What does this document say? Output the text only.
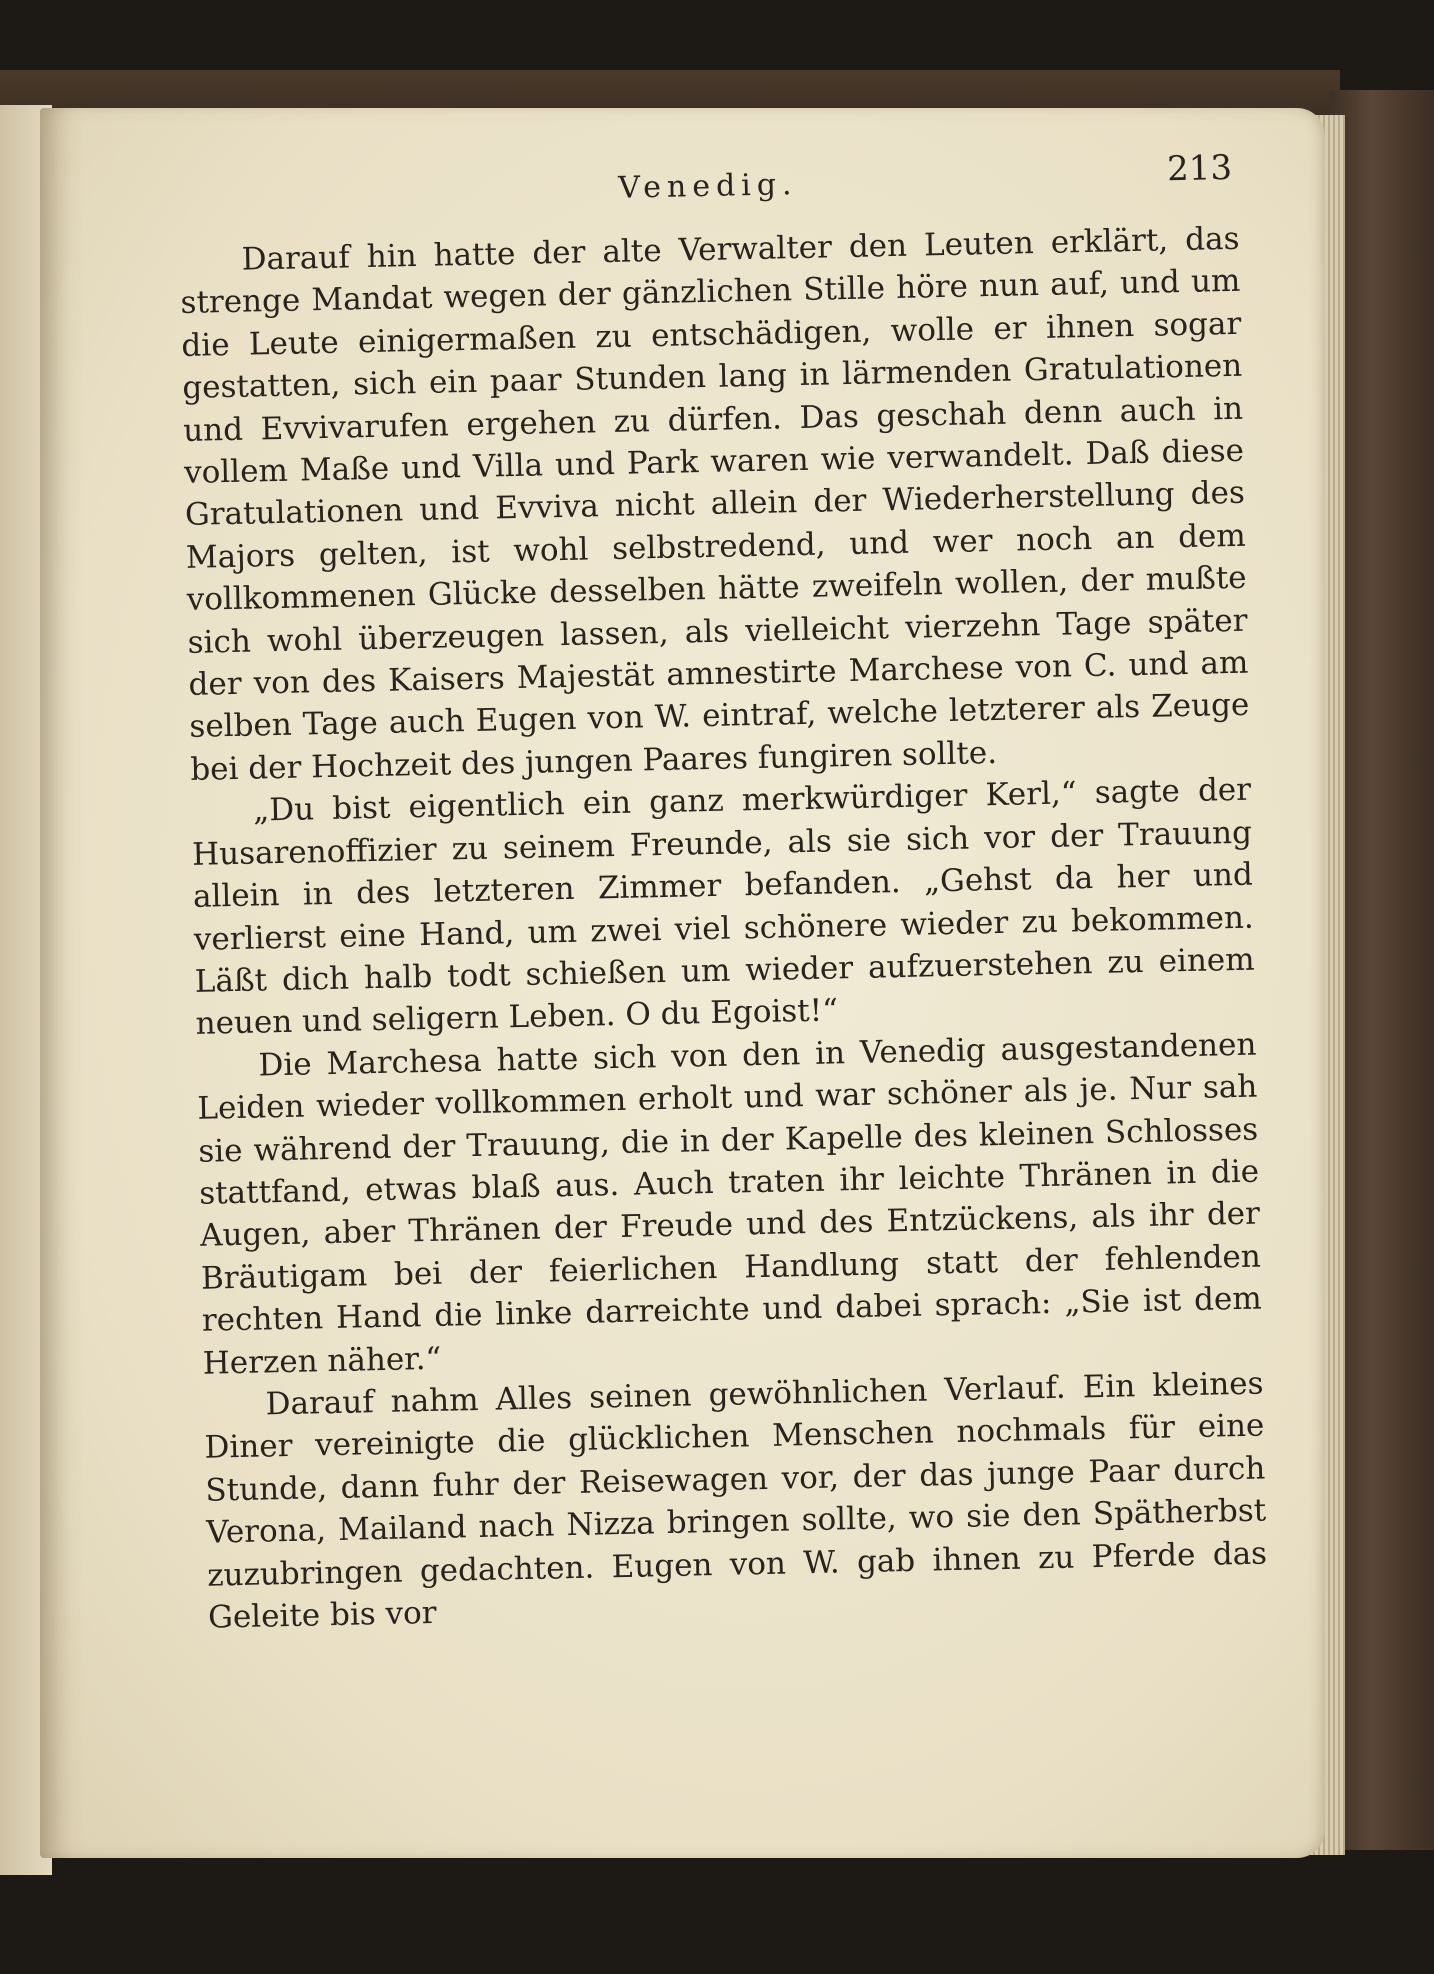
Venedig.	213

Darauf hin hatte der alte Verwalter den Leuten erklärt, das strenge Mandat wegen der gänzlichen Stille höre nun auf, und um die Leute einigermaßen zu entschädigen, wolle er ihnen sogar gestatten, sich ein paar Stunden lang in lärmenden Gratulationen und Evvivarufen ergehen zu dürfen. Das geschah denn auch in vollem Maße und Villa und Park waren wie verwandelt. Daß diese Gratulationen und Evviva nicht allein der Wiederherstellung des Majors gelten, ist wohl selbstredend, und wer noch an dem vollkommenen Glücke desselben hätte zweifeln wollen, der mußte sich wohl überzeugen lassen, als vielleicht vierzehn Tage später der von des Kaisers Majestät amnestirte Marchese von C. und am selben Tage auch Eugen von W. eintraf, welche letzterer als Zeuge bei der Hochzeit des jungen Paares fungiren sollte.

„Du bist eigentlich ein ganz merkwürdiger Kerl,“ sagte der Husarenoffizier zu seinem Freunde, als sie sich vor der Trauung allein in des letzteren Zimmer befanden. „Gehst da her und verlierst eine Hand, um zwei viel schönere wieder zu bekommen. Läßt dich halb todt schießen um wieder aufzuerstehen zu einem neuen und seligern Leben. O du Egoist!“

Die Marchesa hatte sich von den in Venedig ausgestandenen Leiden wieder vollkommen erholt und war schöner als je. Nur sah sie während der Trauung, die in der Kapelle des kleinen Schlosses stattfand, etwas blaß aus. Auch traten ihr leichte Thränen in die Augen, aber Thränen der Freude und des Entzückens, als ihr der Bräutigam bei der feierlichen Handlung statt der fehlenden rechten Hand die linke darreichte und dabei sprach: „Sie ist dem Herzen näher.“

Darauf nahm Alles seinen gewöhnlichen Verlauf. Ein kleines Diner vereinigte die glücklichen Menschen nochmals für eine Stunde, dann fuhr der Reisewagen vor, der das junge Paar durch Verona, Mailand nach Nizza bringen sollte, wo sie den Spätherbst zuzubringen gedachten. Eugen von W. gab ihnen zu Pferde das Geleite bis vor
